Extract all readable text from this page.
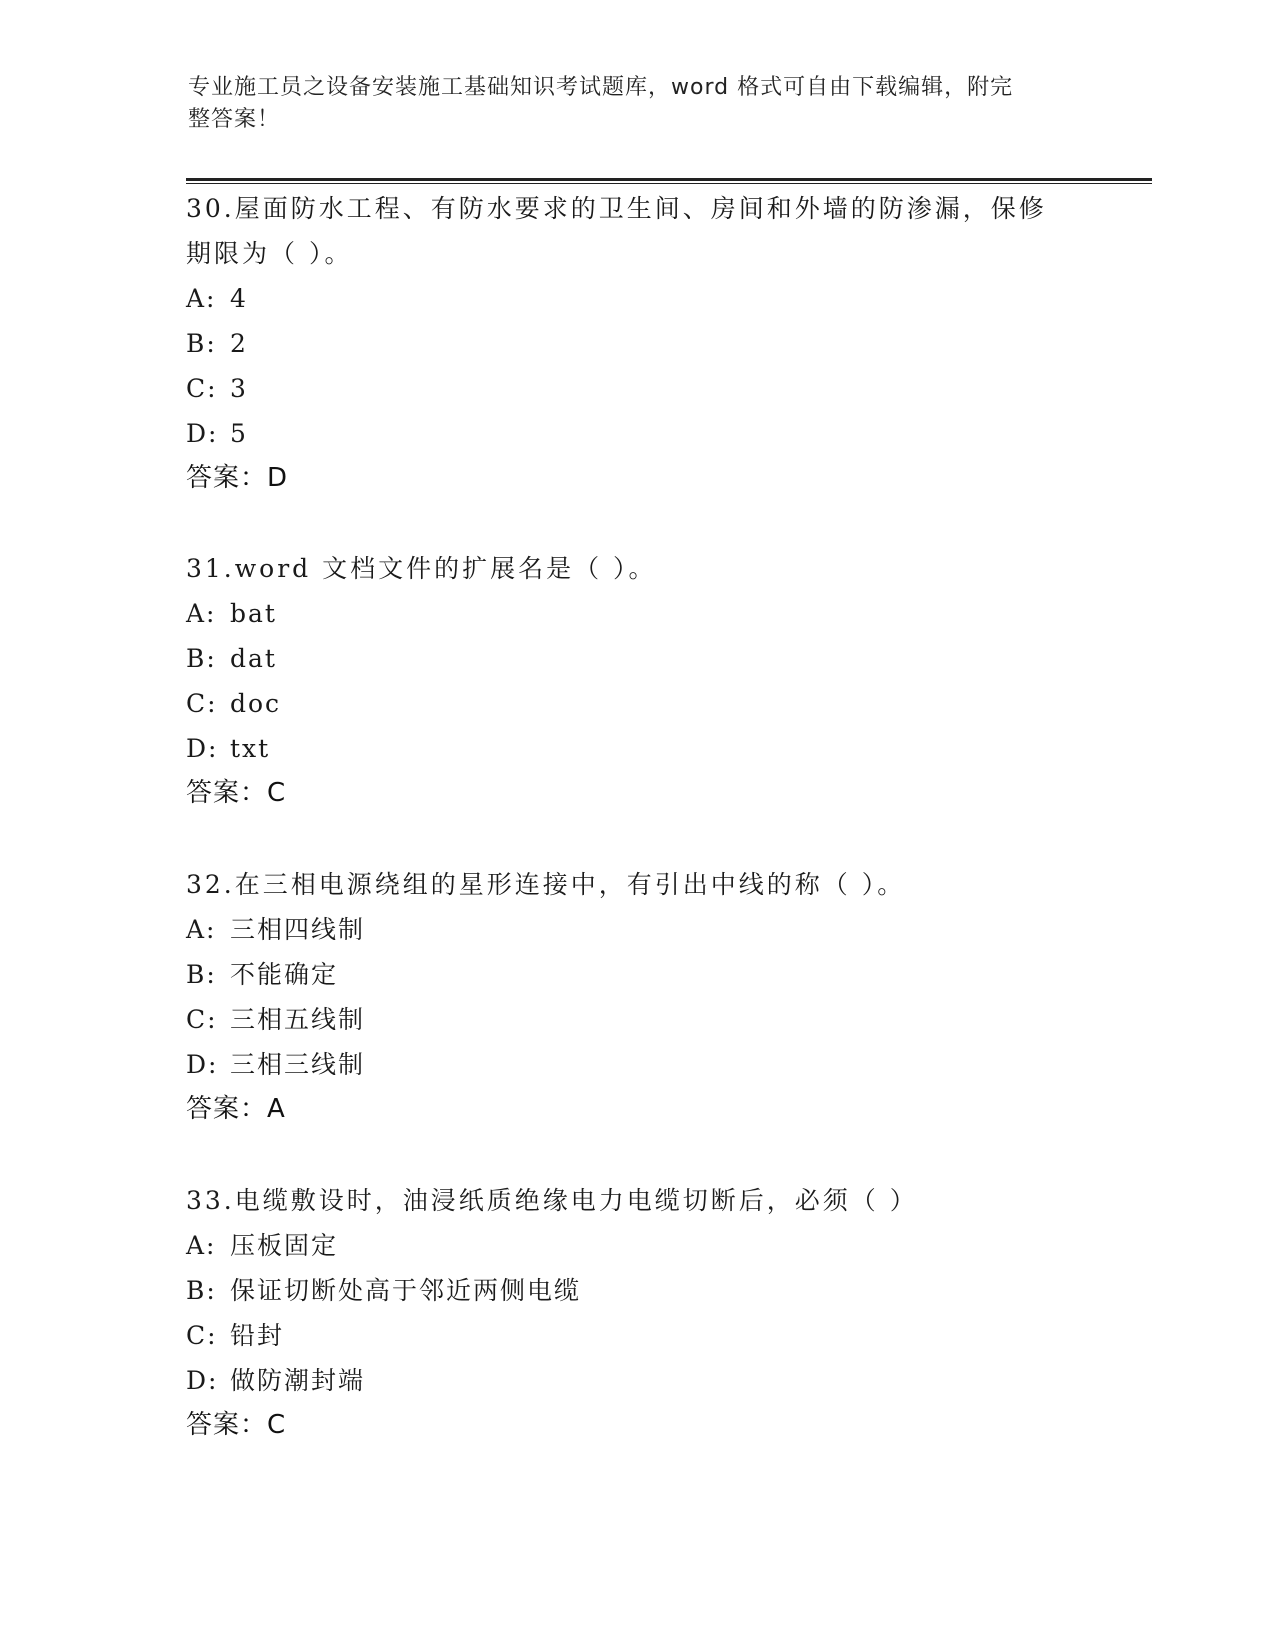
专业施工员之设备安装施工基础知识考试题库，word 格式可自由下载编辑，附完
整答案！

30.屋面防水工程、有防水要求的卫生间、房间和外墙的防渗漏，保修

期限为（ ）。

A: 4

B: 2

C: 3

D: 5

答案：D

31.word 文档文件的扩展名是（ ）。

A: bat

B: dat

C: doc

D: txt

答案：C

32.在三相电源绕组的星形连接中，有引出中线的称（ ）。

A: 三相四线制

B: 不能确定

C: 三相五线制

D: 三相三线制

答案：A

33.电缆敷设时，油浸纸质绝缘电力电缆切断后，必须（ ）

A: 压板固定

B: 保证切断处高于邻近两侧电缆

C: 铅封

D: 做防潮封端

答案：C
